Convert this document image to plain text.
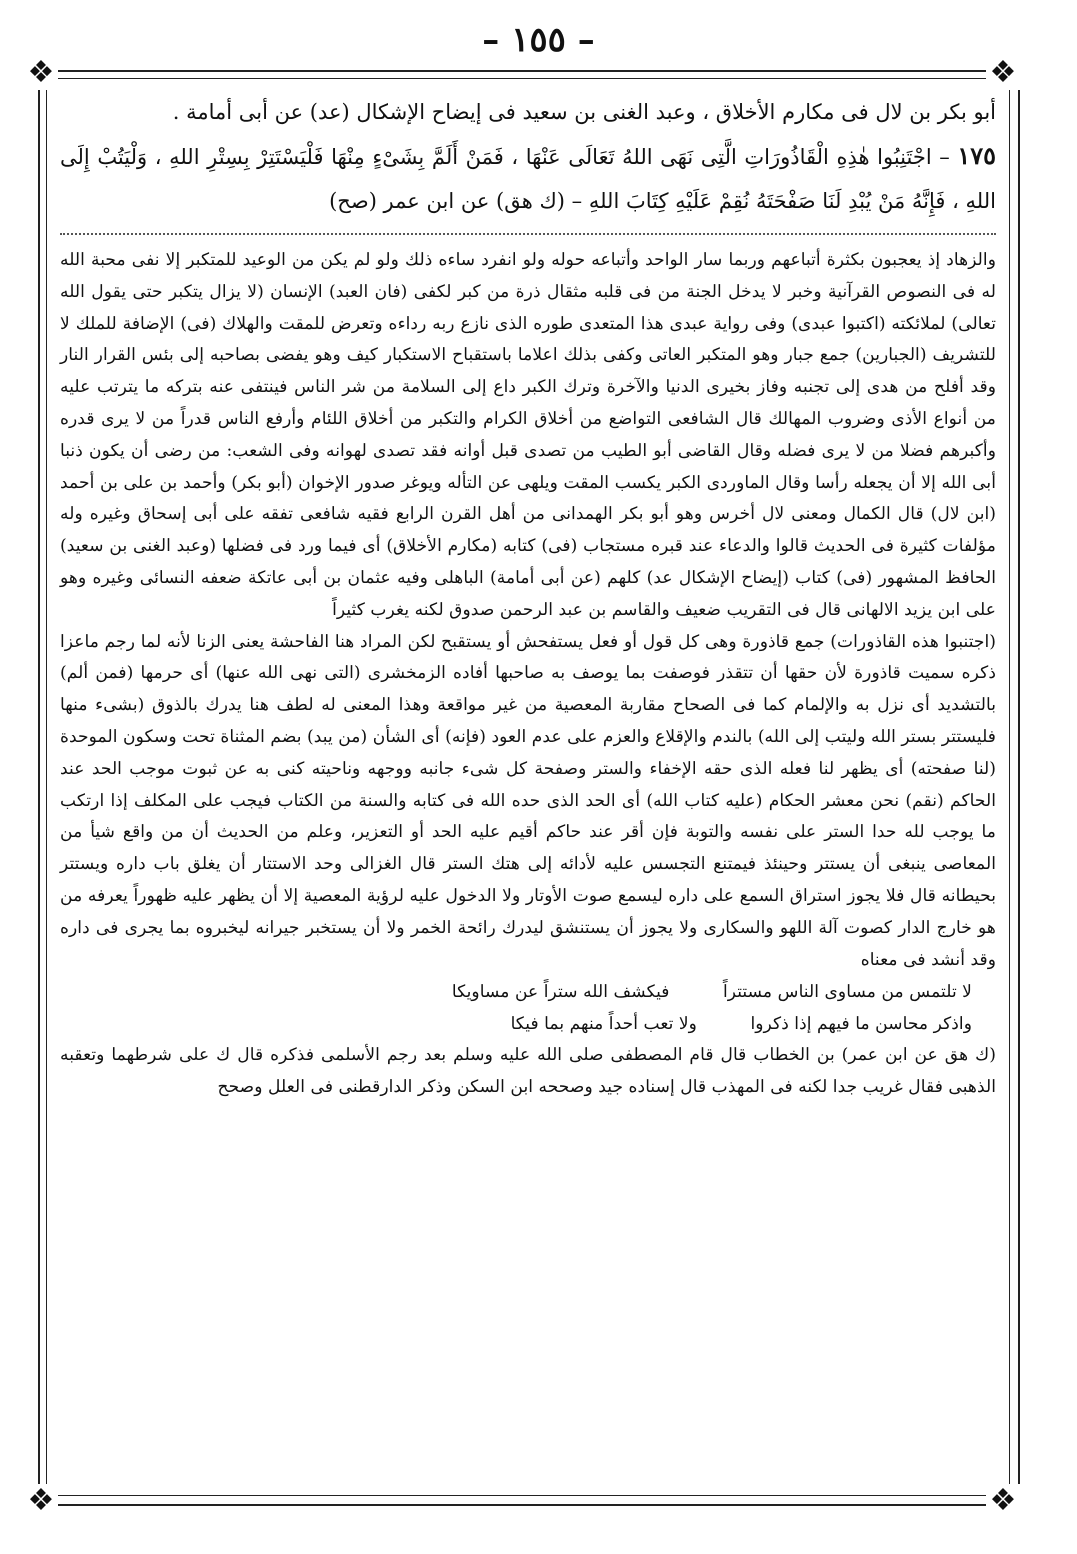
– ١٥٥ –
❖	❖
❖	❖

أبو بكر بن لال فى مكارم الأخلاق ، وعبد الغنى بن سعيد فى إيضاح الإشكال (عد) عن أبى أمامة .

١٧٥ – اجْتَنِبُوا هٰذِهِ الْقَاذُورَاتِ الَّتِى نَهَى اللهُ تَعَالَى عَنْهَا ، فَمَنْ أَلَمَّ بِشَىْءٍ مِنْهَا فَلْيَسْتَتِرْ بِسِتْرِ اللهِ ، وَلْيَتُبْ إِلَى اللهِ ، فَإِنَّهُ مَنْ يُبْدِ لَنَا صَفْحَتَهُ نُقِمْ عَلَيْهِ كِتَابَ اللهِ – (ك هق) عن ابن عمر (صح)

والزهاد إذ يعجبون بكثرة أتباعهم وربما سار الواحد وأتباعه حوله ولو انفرد ساءه ذلك ولو لم يكن من الوعيد للمتكبر إلا نفى محبة الله له فى النصوص القرآنية وخبر لا يدخل الجنة من فى قلبه مثقال ذرة من كبر لكفى (فان العبد) الإنسان (لا يزال يتكبر حتى يقول الله تعالى) لملائكته (اكتبوا عبدى) وفى رواية عبدى هذا المتعدى طوره الذى نازع ربه رداءه وتعرض للمقت والهلاك (فى) الإضافة للملك لا للتشريف (الجبارين) جمع جبار وهو المتكبر العاتى وكفى بذلك اعلاما باستقباح الاستكبار كيف وهو يفضى بصاحبه إلى بئس القرار النار وقد أفلح من هدى إلى تجنبه وفاز بخيرى الدنيا والآخرة وترك الكبر داع إلى السلامة من شر الناس فينتفى عنه بتركه ما يترتب عليه من أنواع الأذى وضروب المهالك قال الشافعى التواضع من أخلاق الكرام والتكبر من أخلاق اللئام وأرفع الناس قدراً من لا يرى قدره وأكبرهم فضلا من لا يرى فضله وقال القاضى أبو الطيب من تصدى قبل أوانه فقد تصدى لهوانه وفى الشعب: من رضى أن يكون ذنبا أبى الله إلا أن يجعله رأسا وقال الماوردى الكبر يكسب المقت ويلهى عن التأله ويوغر صدور الإخوان (أبو بكر) وأحمد بن على بن أحمد (ابن لال) قال الكمال ومعنى لال أخرس وهو أبو بكر الهمدانى من أهل القرن الرابع فقيه شافعى تفقه على أبى إسحاق وغيره وله مؤلفات كثيرة فى الحديث قالوا والدعاء عند قبره مستجاب (فى) كتابه (مكارم الأخلاق) أى فيما ورد فى فضلها (وعبد الغنى بن سعيد) الحافظ المشهور (فى) كتاب (إيضاح الإشكال عد) كلهم (عن أبى أمامة) الباهلى وفيه عثمان بن أبى عاتكة ضعفه النسائى وغيره وهو على ابن يزيد الالهانى قال فى التقريب ضعيف والقاسم بن عبد الرحمن صدوق لكنه يغرب كثيراً

(اجتنبوا هذه القاذورات) جمع قاذورة وهى كل قول أو فعل يستفحش أو يستقبح لكن المراد هنا الفاحشة يعنى الزنا لأنه لما رجم ماعزا ذكره سميت قاذورة لأن حقها أن تتقذر فوصفت بما يوصف به صاحبها أفاده الزمخشرى (التى نهى الله عنها) أى حرمها (فمن ألم) بالتشديد أى نزل به والإلمام كما فى الصحاح مقاربة المعصية من غير مواقعة وهذا المعنى له لطف هنا يدرك بالذوق (بشىء منها فليستتر بستر الله وليتب إلى الله) بالندم والإقلاع والعزم على عدم العود (فإنه) أى الشأن (من يبد) بضم المثناة تحت وسكون الموحدة (لنا صفحته) أى يظهر لنا فعله الذى حقه الإخفاء والستر وصفحة كل شىء جانبه ووجهه وناحيته كنى به عن ثبوت موجب الحد عند الحاكم (نقم) نحن معشر الحكام (عليه كتاب الله) أى الحد الذى حده الله فى كتابه والسنة من الكتاب فيجب على المكلف إذا ارتكب ما يوجب لله حدا الستر على نفسه والتوبة فإن أقر عند حاكم أقيم عليه الحد أو التعزير، وعلم من الحديث أن من واقع شيأ من المعاصى ينبغى أن يستتر وحينئذ فيمتنع التجسس عليه لأدائه إلى هتك الستر قال الغزالى وحد الاستتار أن يغلق باب داره ويستتر بحيطانه قال فلا يجوز استراق السمع على داره ليسمع صوت الأوتار ولا الدخول عليه لرؤية المعصية إلا أن يظهر عليه ظهوراً يعرفه من هو خارج الدار كصوت آلة اللهو والسكارى ولا يجوز أن يستنشق ليدرك رائحة الخمر ولا أن يستخبر جيرانه ليخبروه بما يجرى فى داره وقد أنشد فى معناه

لا تلتمس من مساوى الناس مستتراً فيكشف الله ستراً عن مساويكا

واذكر محاسن ما فيهم إذا ذكروا ولا تعب أحداً منهم بما فيكا

(ك هق عن ابن عمر) بن الخطاب قال قام المصطفى صلى الله عليه وسلم بعد رجم الأسلمى فذكره قال ك على شرطهما وتعقبه الذهبى فقال غريب جدا لكنه فى المهذب قال إسناده جيد وصححه ابن السكن وذكر الدارقطنى فى العلل وصحح
